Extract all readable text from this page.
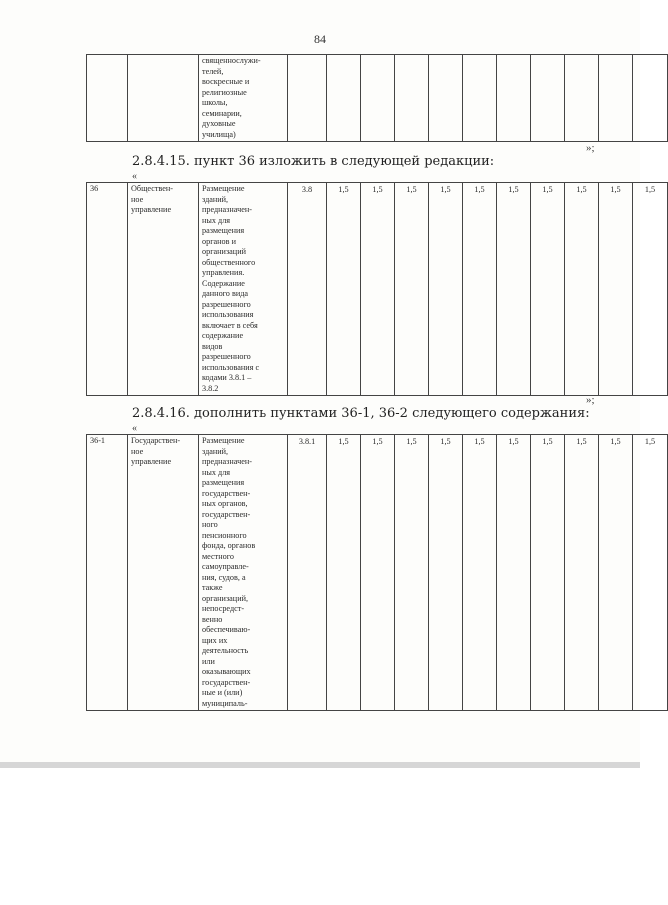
84
		священнослужи-
телей,
воскресные и
религиозные
школы,
семинарии,
духовные
училища)											
»;
2.8.4.15. пункт 36 изложить в следующей редакции:
«
36	Обществен-
ное
управление	Размещение
зданий,
предназначен-
ных для
размещения
органов и
организаций
общественного
управления.
Содержание
данного вида
разрешенного
использования
включает в себя
содержание
видов
разрешенного
использования с
кодами 3.8.1 –
3.8.2	3.8	1,5	1,5	1,5	1,5	1,5	1,5	1,5	1,5	1,5	1,5
»;
2.8.4.16. дополнить пунктами 36-1, 36-2 следующего содержания:
«
36-1	Государствен-
ное
управление	Размещение
зданий,
предназначен-
ных для
размещения
государствен-
ных органов,
государствен-
ного
пенсионного
фонда, органов
местного
самоуправле-
ния, судов, а
также
организаций,
непосредст-
венно
обеспечиваю-
щих их
деятельность
или
оказывающих
государствен-
ные и (или)
муниципаль-	3.8.1	1,5	1,5	1,5	1,5	1,5	1,5	1,5	1,5	1,5	1,5
